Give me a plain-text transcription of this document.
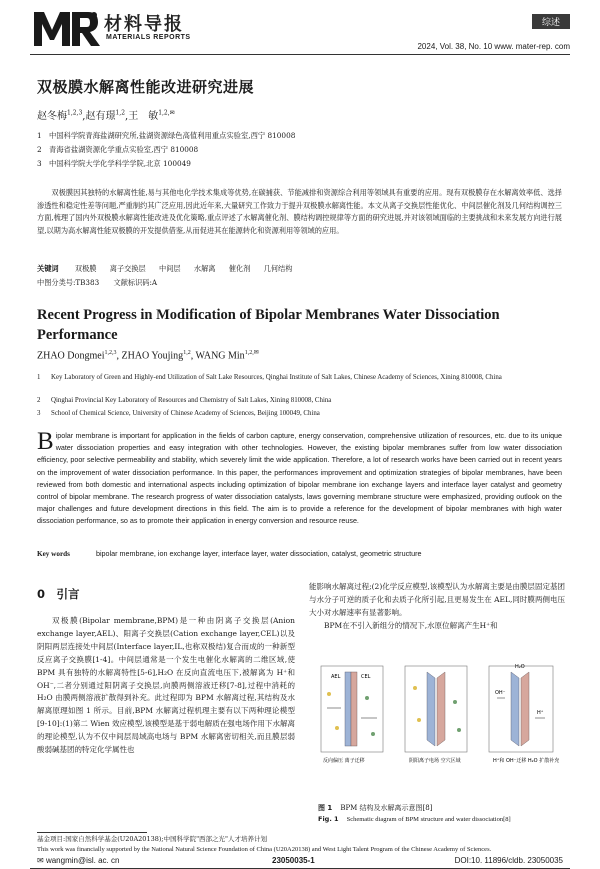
材料导报
MATERIALS REPORTS
综述
2024, Vol. 38, No. 10 www. mater-rep. com
双极膜水解离性能改进研究进展
赵冬梅$^{1,2,3}$,赵有璟$^{1,2}$,王　敏$^{1,2,✉}$
1　中国科学院青海盐湖研究所,盐湖资源绿色高值利用重点实验室,西宁 810008
2　青海省盐湖资源化学重点实验室,西宁 810008
3　中国科学院大学化学科学学院,北京 100049
双极膜因其独特的水解离性能,易与其他电化学技术集成等优势,在碳捕获、节能减排和资源综合利用等领域具有重要的应用。现有双极膜存在水解离效率低、选择渗透性和稳定性差等问题,严重制约其广泛应用,因此近年来,大量研究工作致力于提升双极膜水解离性能。本文从离子交换层性能优化、中间层催化剂及几何结构调控三方面,梳理了国内外双极膜水解离性能改进及优化策略,重点评述了水解离催化剂、膜结构调控规律等方面的研究进展,并对该领域面临的主要挑战和未来发展方向进行展望,以期为高水解离性能双极膜的开发提供借鉴,从而促进其在能源转化和资源利用等领域的应用。
关键词 双极膜 离子交换层 中间层 水解离 催化剂 几何结构
中图分类号:TB383　　文献标识码:A
Recent Progress in Modification of Bipolar Membranes Water Dissociation Performance
ZHAO Dongmei$^{1,2,3}$, ZHAO Youjing$^{1,2}$, WANG Min$^{1,2,✉}$
1 Key Laboratory of Green and Highly-end Utilization of Salt Lake Resources, Qinghai Institute of Salt Lakes, Chinese Academy of Sciences, Xining 810008, China
2 Qinghai Provincial Key Laboratory of Resources and Chemistry of Salt Lakes, Xining 810008, China
3 School of Chemical Science, University of Chinese Academy of Sciences, Beijing 100049, China
Bipolar membrane is important for application in the fields of carbon capture, energy conservation, comprehensive utilization of resources, etc. due to its unique water dissociation properties and easy integration with other technologies. However, the existing bipolar membranes suffer from low water dissociation efficiency, poor selective permeability and stability, which severely limit the wide application. Therefore, a lot of research works have been carried out in recent years on the improvement of water dissociation performance. In this paper, the performances improvement and optimization strategies of bipolar membranes, have been reviewed from both domestic and international aspects including optimization of bipolar membrane ion exchange layers and interface layer catalyst and geometry control of bipolar membrane. The research progress of water dissociation catalysts, laws governing membrane structure were emphasized, providing outlook on the major challenges and future development directions in this field. The aim is to provide a reference for the development of bipolar membranes with high water dissociation performance, so as to promote their application in energy conversion and resource reuse.
Key words	bipolar membrane, ion exchange layer, interface layer, water dissociation, catalyst, geometric structure
0　引言
双极膜(Bipolar membrane,BPM)是一种由阴离子交换层(Anion exchange layer,AEL)、阳离子交换层(Cation exchange layer,CEL)以及阴阳两层连接处中间层(Interface layer,IL,也称双极结)复合而成的一种新型反应离子交换膜[1-4]。中间层通常是一个发生电催化水解离的二维区域,使 BPM 具有独特的水解离特性[5-6],H₂O 在反向直流电压下,被解离为 H⁺和 OH⁻,二者分别通过阳阴离子交换层,向膜两侧溶液迁移[7-8],过程中消耗的 H₂O 由膜两侧溶液扩散得到补充。此过程即为 BPM 水解离过程,其结构及水解离原理如图 1 所示。目前,BPM 水解离过程机理主要有以下两种理论模型[9-10]:(1)第二 Wien 效应模型,该模型是基于弱电解质在强电场作用下水解离的理论模型,认为不仅中间层局域高电场与 BPM 水解离密切相关,而且膜层弱酸弱碱基团的特定化学属性也

能影响水解离过程;(2)化学反应模型,该模型认为水解离主要是由膜层固定基团与水分子可逆的质子化和去质子化所引起,且更易发生在 AEL,同时膜两侧电压大小对水解速率有显著影响。

BPM在不引入新组分的情况下,水原位解离产生H⁺和

AEL	CEL
反向偏压 离子迁移	阴阳离子电场 空穴区域
OH⁻
H⁺
H₂O
H⁺和 OH⁻迁移 H₂O 扩散补充
图 1 BPM 结构及水解离示意图[8]
Fig. 1 Schematic diagram of BPM structure and water dissociation[8]
基金项目:国家自然科学基金(U20A20138);中国科学院"西部之光"人才培养计划
This work was financially supported by the National Natural Science Foundation of China (U20A20138) and West Light Talent Program of the Chinese Academy of Sciences.
✉ wangmin@isl. ac. cn	23050035-1	DOI:10. 11896/cldb. 23050035
